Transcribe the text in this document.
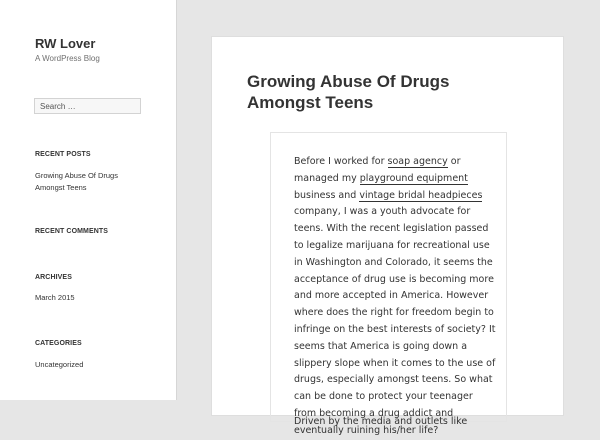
RW Lover
A WordPress Blog
Search …
RECENT POSTS
Growing Abuse Of Drugs Amongst Teens
RECENT COMMENTS
ARCHIVES
March 2015
CATEGORIES
Uncategorized
Growing Abuse Of Drugs Amongst Teens

Before I worked for soap agency or managed my playground equipment business and vintage bridal headpieces company, I was a youth advocate for teens. With the recent legislation passed to legalize marijuana for recreational use in Washington and Colorado, it seems the acceptance of drug use is becoming more and more accepted in America. However where does the right for freedom begin to infringe on the best interests of society? It seems that America is going down a slippery slope when it comes to the use of drugs, especially amongst teens. So what can be done to protect your teenager from becoming a drug addict and eventually ruining his/her life?

Driven by the media and outlets like
